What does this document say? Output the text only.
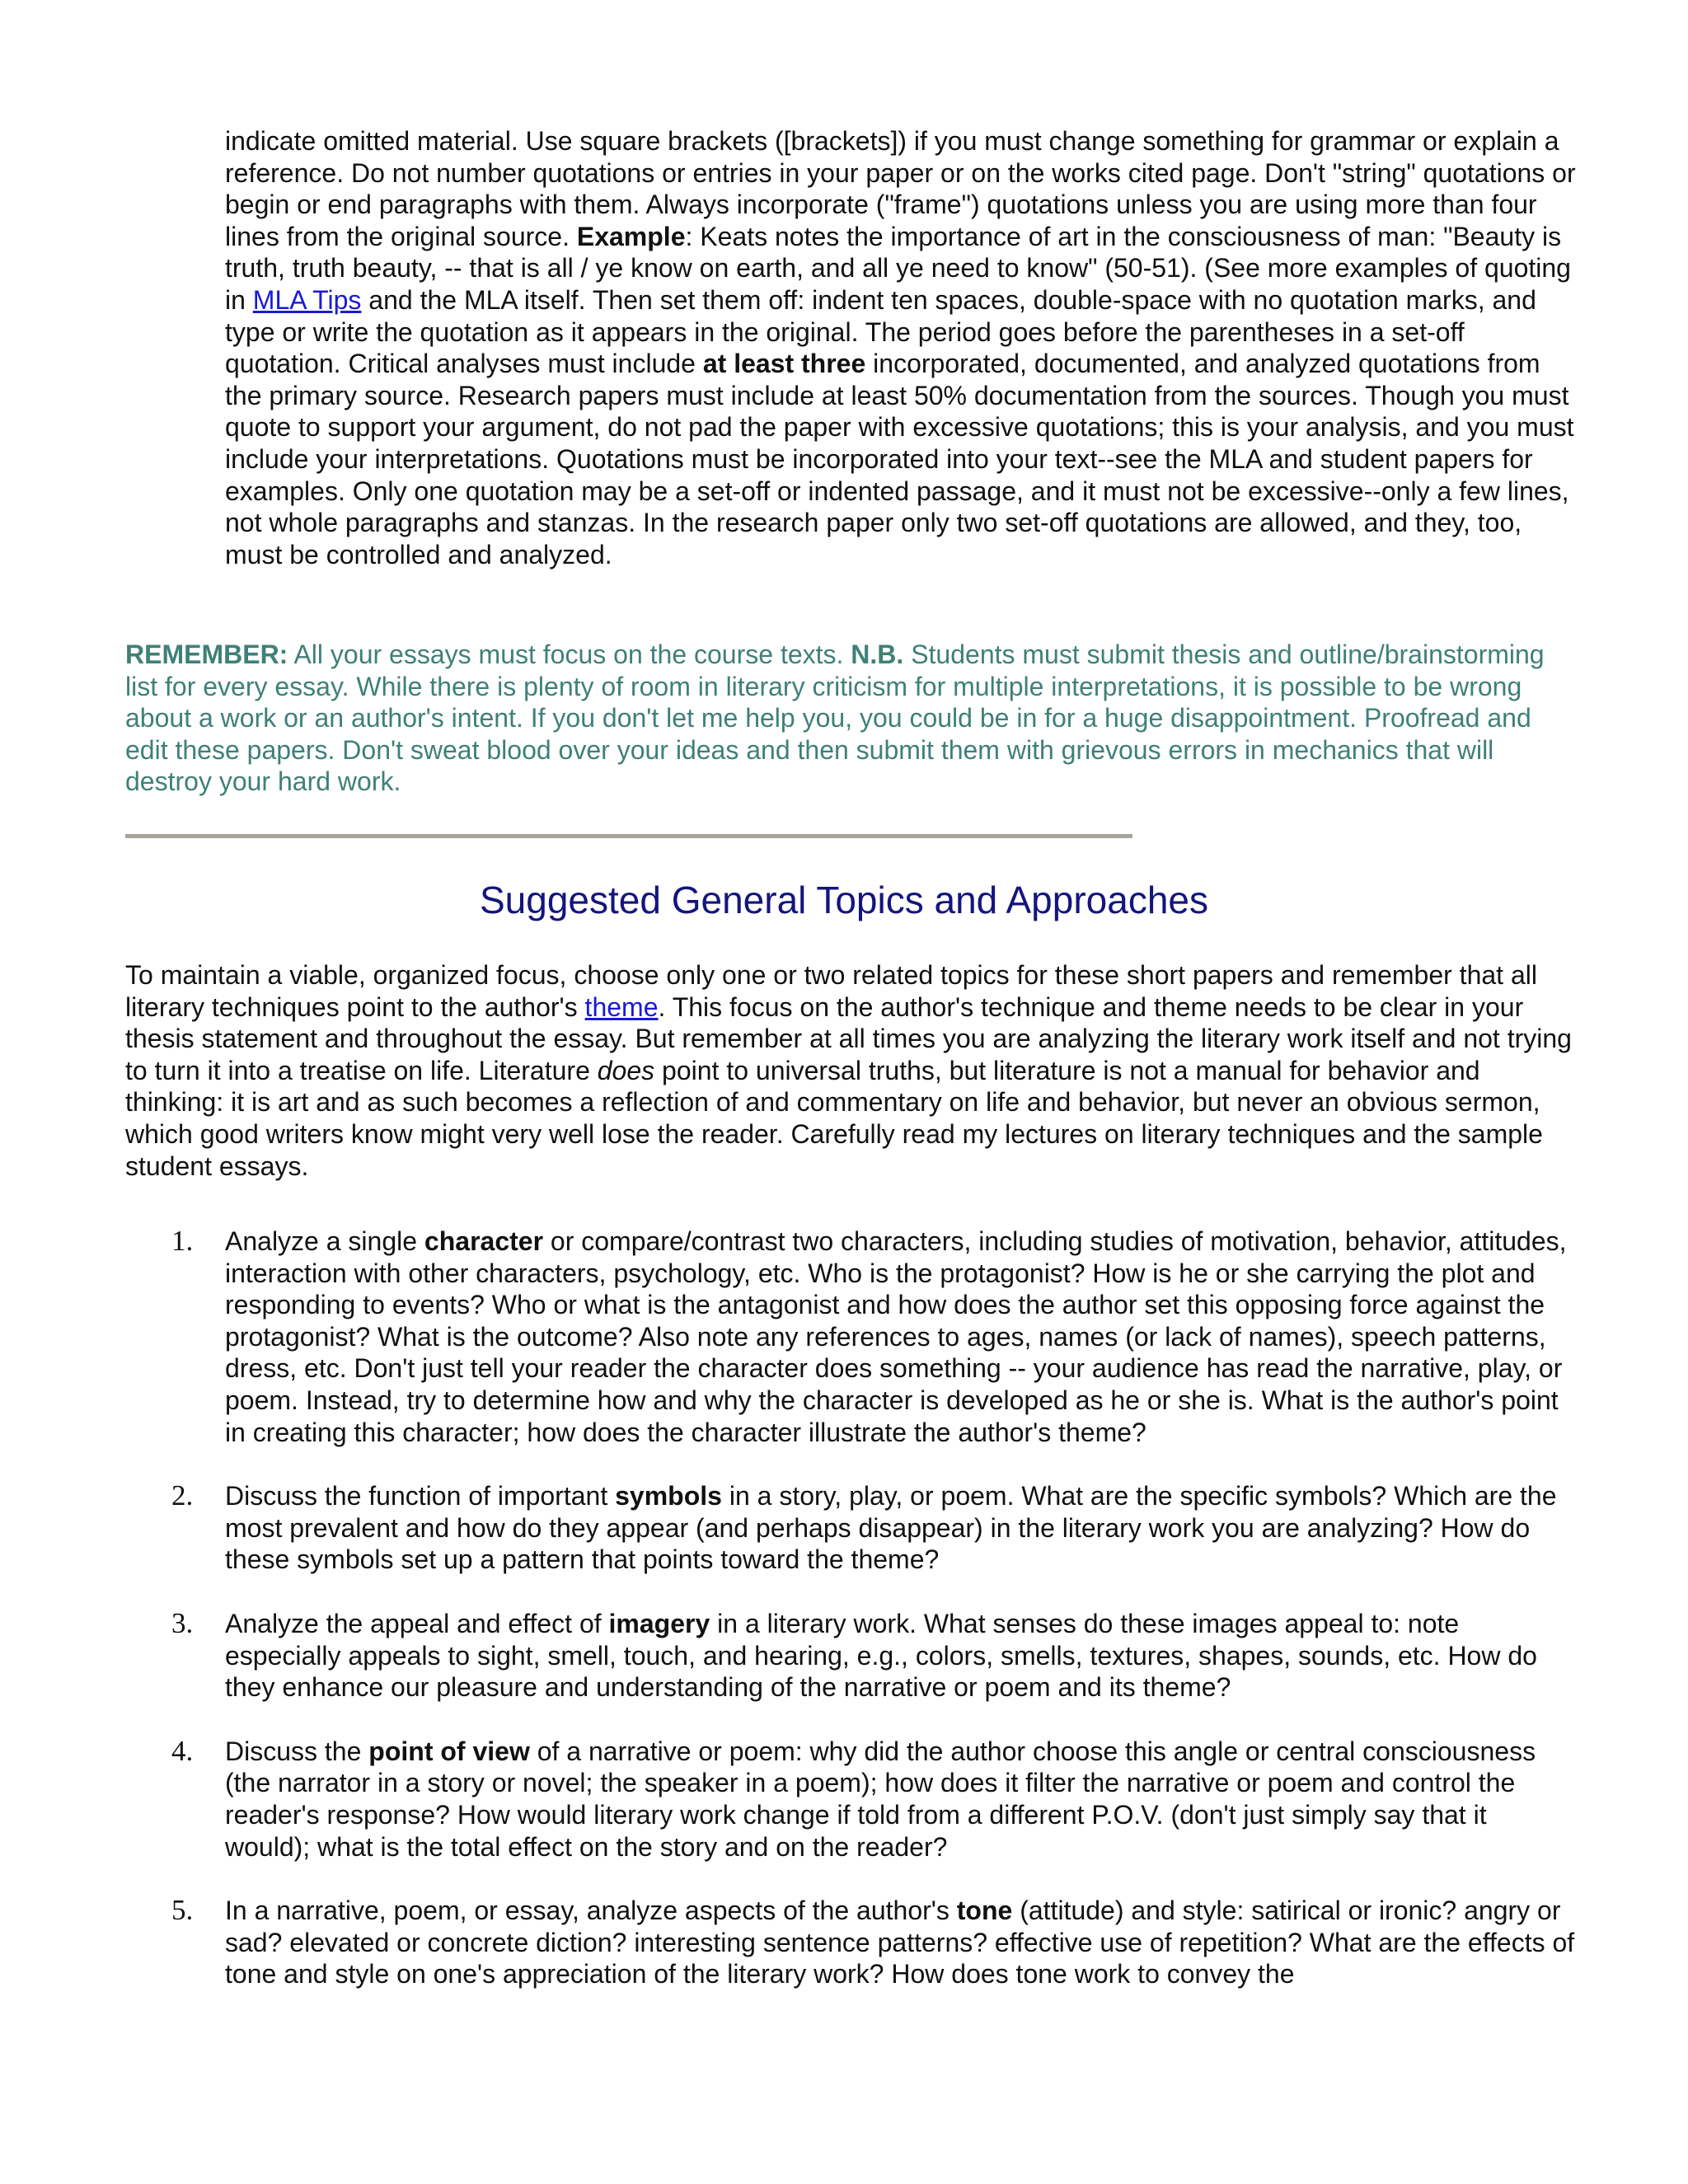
indicate omitted material. Use square brackets ([brackets]) if you must change something for grammar or explain a reference. Do not number quotations or entries in your paper or on the works cited page. Don't "string" quotations or begin or end paragraphs with them. Always incorporate ("frame") quotations unless you are using more than four lines from the original source. Example: Keats notes the importance of art in the consciousness of man: "Beauty is truth, truth beauty, -- that is all / ye know on earth, and all ye need to know" (50-51). (See more examples of quoting in MLA Tips and the MLA itself. Then set them off: indent ten spaces, double-space with no quotation marks, and type or write the quotation as it appears in the original. The period goes before the parentheses in a set-off quotation. Critical analyses must include at least three incorporated, documented, and analyzed quotations from the primary source. Research papers must include at least 50% documentation from the sources. Though you must quote to support your argument, do not pad the paper with excessive quotations; this is your analysis, and you must include your interpretations. Quotations must be incorporated into your text--see the MLA and student papers for examples. Only one quotation may be a set-off or indented passage, and it must not be excessive--only a few lines, not whole paragraphs and stanzas. In the research paper only two set-off quotations are allowed, and they, too, must be controlled and analyzed.

REMEMBER: All your essays must focus on the course texts. N.B. Students must submit thesis and outline/brainstorming list for every essay. While there is plenty of room in literary criticism for multiple interpretations, it is possible to be wrong about a work or an author's intent. If you don't let me help you, you could be in for a huge disappointment. Proofread and edit these papers. Don't sweat blood over your ideas and then submit them with grievous errors in mechanics that will destroy your hard work.

Suggested General Topics and Approaches

To maintain a viable, organized focus, choose only one or two related topics for these short papers and remember that all literary techniques point to the author's theme. This focus on the author's technique and theme needs to be clear in your thesis statement and throughout the essay. But remember at all times you are analyzing the literary work itself and not trying to turn it into a treatise on life. Literature does point to universal truths, but literature is not a manual for behavior and thinking: it is art and as such becomes a reflection of and commentary on life and behavior, but never an obvious sermon, which good writers know might very well lose the reader. Carefully read my lectures on literary techniques and the sample student essays.

1. Analyze a single character or compare/contrast two characters, including studies of motivation, behavior, attitudes, interaction with other characters, psychology, etc. Who is the protagonist? How is he or she carrying the plot and responding to events? Who or what is the antagonist and how does the author set this opposing force against the protagonist? What is the outcome? Also note any references to ages, names (or lack of names), speech patterns, dress, etc. Don't just tell your reader the character does something -- your audience has read the narrative, play, or poem. Instead, try to determine how and why the character is developed as he or she is. What is the author's point in creating this character; how does the character illustrate the author's theme?
2. Discuss the function of important symbols in a story, play, or poem. What are the specific symbols? Which are the most prevalent and how do they appear (and perhaps disappear) in the literary work you are analyzing? How do these symbols set up a pattern that points toward the theme?
3. Analyze the appeal and effect of imagery in a literary work. What senses do these images appeal to: note especially appeals to sight, smell, touch, and hearing, e.g., colors, smells, textures, shapes, sounds, etc. How do they enhance our pleasure and understanding of the narrative or poem and its theme?
4. Discuss the point of view of a narrative or poem: why did the author choose this angle or central consciousness (the narrator in a story or novel; the speaker in a poem); how does it filter the narrative or poem and control the reader's response? How would literary work change if told from a different P.O.V. (don't just simply say that it would); what is the total effect on the story and on the reader?
5. In a narrative, poem, or essay, analyze aspects of the author's tone (attitude) and style: satirical or ironic? angry or sad? elevated or concrete diction? interesting sentence patterns? effective use of repetition? What are the effects of tone and style on one's appreciation of the literary work? How does tone work to convey the
